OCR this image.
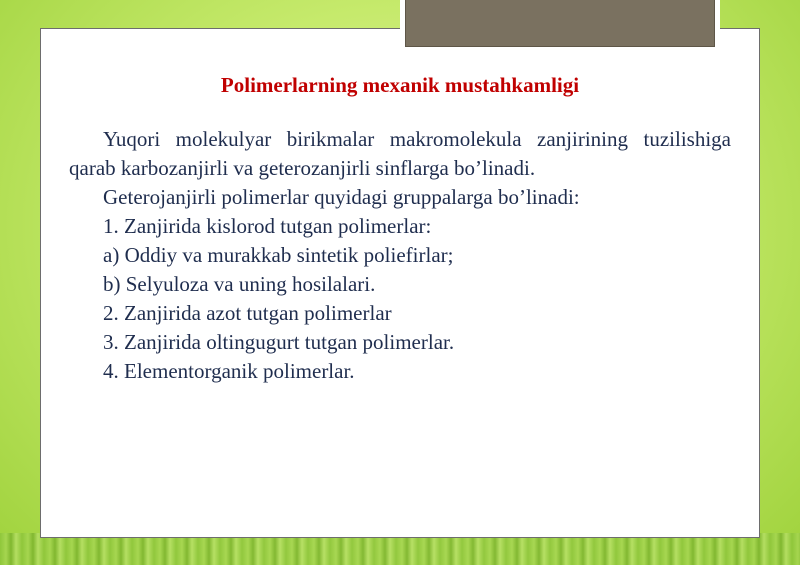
Polimerlarning mexanik mustahkamligi

Yuqori molekulyar birikmalar makromolekula zanjirining tuzilishiga qarab karbozanjirli va geterozanjirli sinflarga bo’linadi.

Geterojanjirli polimerlar quyidagi gruppalarga bo’linadi:

1. Zanjirida kislorod tutgan polimerlar:

a) Oddiy va murakkab sintetik poliefirlar;

b) Selyuloza va uning hosilalari.

2. Zanjirida azot tutgan polimerlar

3. Zanjirida oltingugurt tutgan polimerlar.

4. Elementorganik polimerlar.
